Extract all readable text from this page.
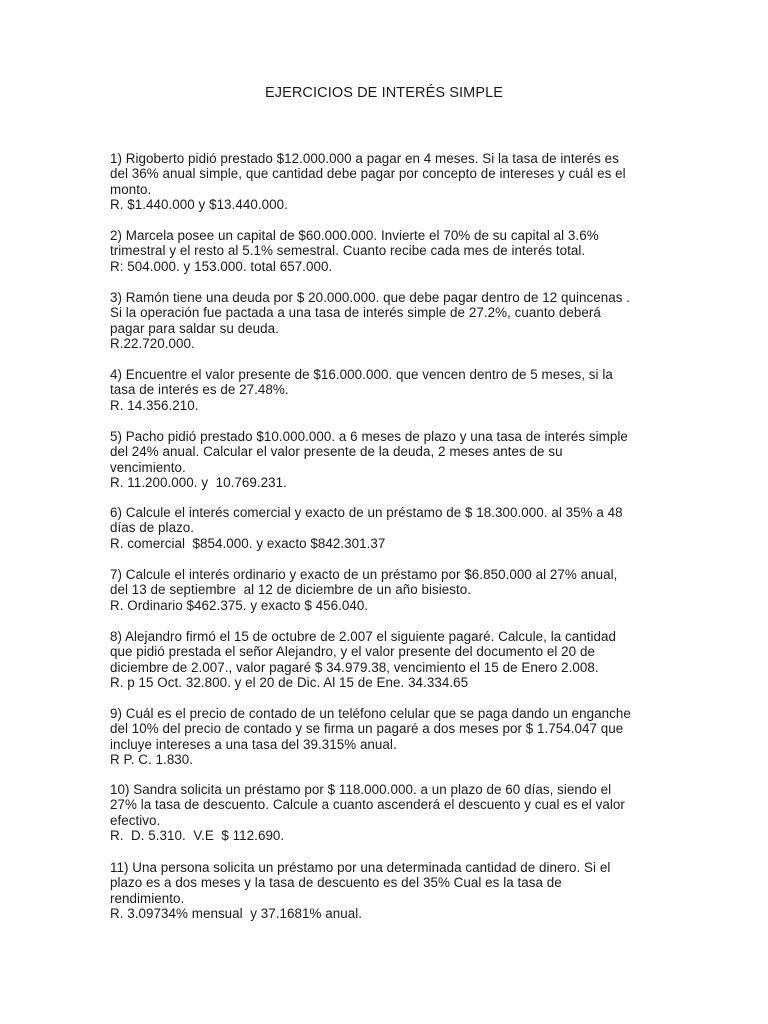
EJERCICIOS DE INTERÉS SIMPLE

1) Rigoberto pidió prestado $12.000.000 a pagar en 4 meses. Si la tasa de interés es

del 36% anual simple, que cantidad debe pagar por concepto de intereses y cuál es el

monto.

R. $1.440.000 y $13.440.000.

2) Marcela posee un capital de $60.000.000. Invierte el 70% de su capital al 3.6%

trimestral y el resto al 5.1% semestral. Cuanto recibe cada mes de interés total.

R: 504.000. y 153.000. total 657.000.

3) Ramón tiene una deuda por $ 20.000.000. que debe pagar dentro de 12 quincenas .

Si la operación fue pactada a una tasa de interés simple de 27.2%, cuanto deberá

pagar para saldar su deuda.

R.22.720.000.

4) Encuentre el valor presente de $16.000.000. que vencen dentro de 5 meses, si la

tasa de interés es de 27.48%.

R. 14.356.210.

5) Pacho pidió prestado $10.000.000. a 6 meses de plazo y una tasa de interés simple

del 24% anual. Calcular el valor presente de la deuda, 2 meses antes de su

vencimiento.

R. 11.200.000. y  10.769.231.

6) Calcule el interés comercial y exacto de un préstamo de $ 18.300.000. al 35% a 48

días de plazo.

R. comercial  $854.000. y exacto $842.301.37

7) Calcule el interés ordinario y exacto de un préstamo por $6.850.000 al 27% anual,

del 13 de septiembre  al 12 de diciembre de un año bisiesto.

R. Ordinario $462.375. y exacto $ 456.040.

8) Alejandro firmó el 15 de octubre de 2.007 el siguiente pagaré. Calcule, la cantidad

que pidió prestada el señor Alejandro, y el valor presente del documento el 20 de

diciembre de 2.007., valor pagaré $ 34.979.38, vencimiento el 15 de Enero 2.008.

R. p 15 Oct. 32.800. y el 20 de Dic. Al 15 de Ene. 34.334.65

9) Cuál es el precio de contado de un teléfono celular que se paga dando un enganche

del 10% del precio de contado y se firma un pagaré a dos meses por $ 1.754.047 que

incluye intereses a una tasa del 39.315% anual.

R P. C. 1.830.

10) Sandra solicita un préstamo por $ 118.000.000. a un plazo de 60 días, siendo el

27% la tasa de descuento. Calcule a cuanto ascenderá el descuento y cual es el valor

efectivo.

R.  D. 5.310.  V.E  $ 112.690.

11) Una persona solicita un préstamo por una determinada cantidad de dinero. Si el

plazo es a dos meses y la tasa de descuento es del 35% Cual es la tasa de

rendimiento.

R. 3.09734% mensual  y 37.1681% anual.
